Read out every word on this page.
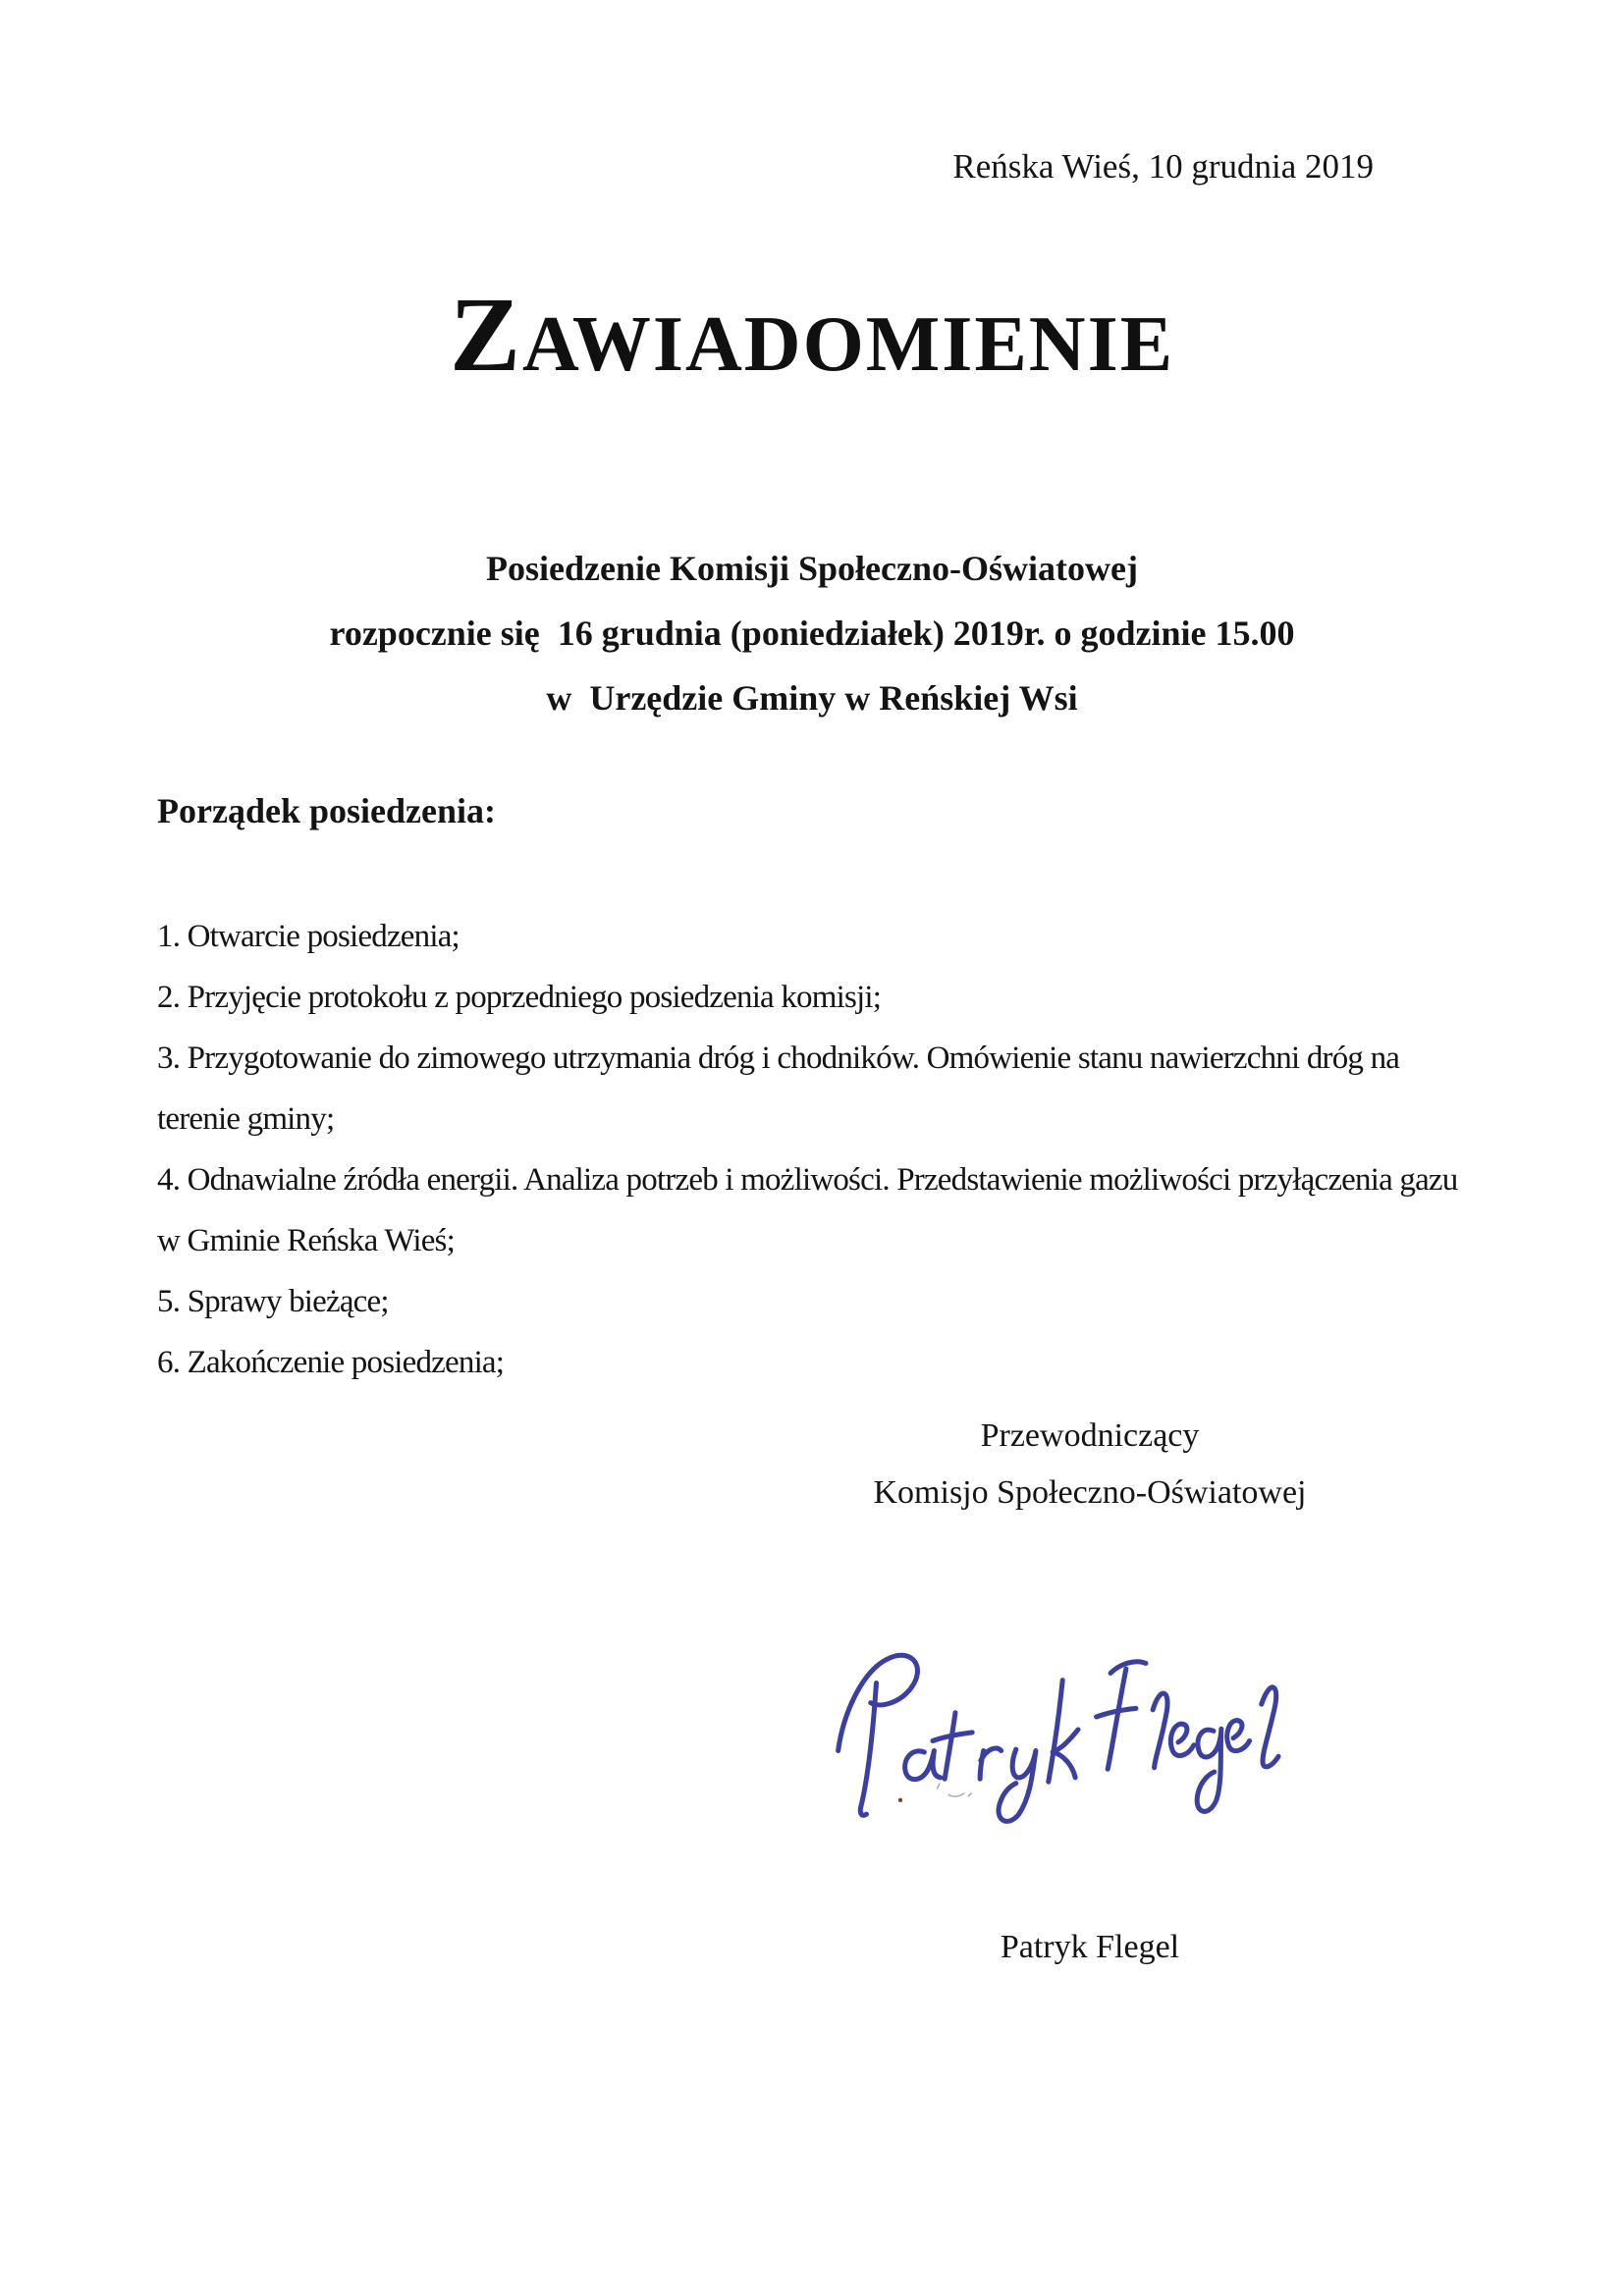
Reńska Wieś, 10 grudnia 2019
ZAWIADOMIENIE

Posiedzenie Komisji Społeczno-Oświatowej

rozpocznie się  16 grudnia (poniedziałek) 2019r. o godzinie 15.00

w  Urzędzie Gminy w Reńskiej Wsi

Porządek posiedzenia:

1. Otwarcie posiedzenia;

2. Przyjęcie protokołu z poprzedniego posiedzenia komisji;

3. Przygotowanie do zimowego utrzymania dróg i chodników. Omówienie stanu nawierzchni dróg na terenie gminy;

4. Odnawialne źródła energii. Analiza potrzeb i możliwości. Przedstawienie możliwości przyłączenia gazu w Gminie Reńska Wieś;

5. Sprawy bieżące;

6. Zakończenie posiedzenia;

Przewodniczący

Komisjo Społeczno-Oświatowej

Patryk Flegel
